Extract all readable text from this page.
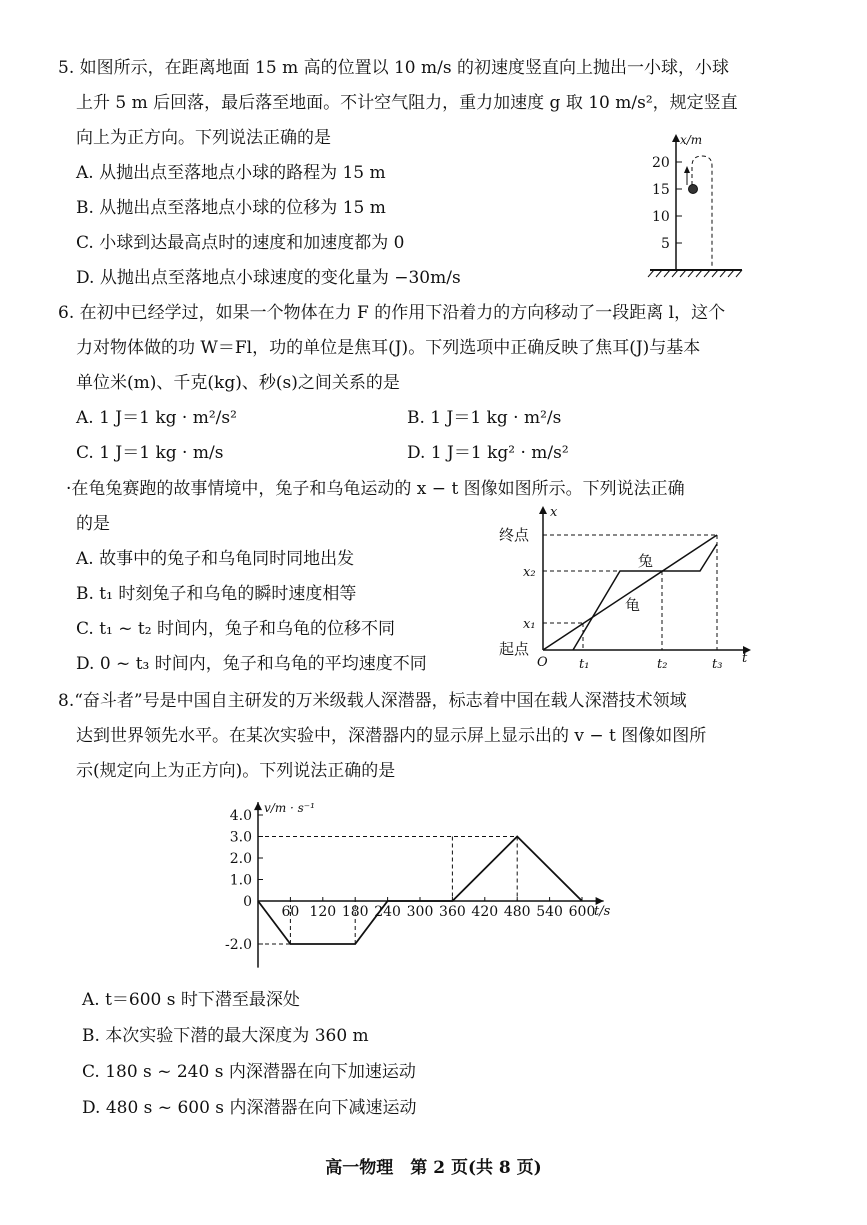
5. 如图所示，在距离地面 15 m 高的位置以 10 m/s 的初速度竖直向上抛出一小球，小球
上升 5 m 后回落，最后落至地面。不计空气阻力，重力加速度 g 取 10 m/s²，规定竖直
向上为正方向。下列说法正确的是
A. 从抛出点至落地点小球的路程为 15 m
B. 从抛出点至落地点小球的位移为 15 m
C. 小球到达最高点时的速度和加速度都为 0
D. 从抛出点至落地点小球速度的变化量为 −30m/s
x/m
20
15
10
5
6. 在初中已经学过，如果一个物体在力 F 的作用下沿着力的方向移动了一段距离 l，这个
力对物体做的功 W＝Fl，功的单位是焦耳(J)。下列选项中正确反映了焦耳(J)与基本
单位米(m)、千克(kg)、秒(s)之间关系的是
A. 1 J＝1 kg · m²/s²	B. 1 J＝1 kg · m²/s
C. 1 J＝1 kg · m/s	D. 1 J＝1 kg² · m/s²
·在龟兔赛跑的故事情境中，兔子和乌龟运动的 x − t 图像如图所示。下列说法正确
的是
A. 故事中的兔子和乌龟同时同地出发
B. t₁ 时刻兔子和乌龟的瞬时速度相等
C. t₁ ~ t₂ 时间内，兔子和乌龟的位移不同
D. 0 ~ t₃ 时间内，兔子和乌龟的平均速度不同
x
t
终点
起点
x₂
x₁
O t₁	t₂	t₃
兔
龟
8.“奋斗者”号是中国自主研发的万米级载人深潜器，标志着中国在载人深潜技术领域
达到世界领先水平。在某次实验中，深潜器内的显示屏上显示出的 v − t 图像如图所
示(规定向上为正方向)。下列说法正确的是
v/m · s⁻¹
t/s
4.0
3.0
2.0
1.0
0
-2.0
60 120 180 240 300 360 420 480 540 600
A. t＝600 s 时下潜至最深处
B. 本次实验下潜的最大深度为 360 m
C. 180 s ~ 240 s 内深潜器在向下加速运动
D. 480 s ~ 600 s 内深潜器在向下减速运动
高一物理　第 2 页(共 8 页)
